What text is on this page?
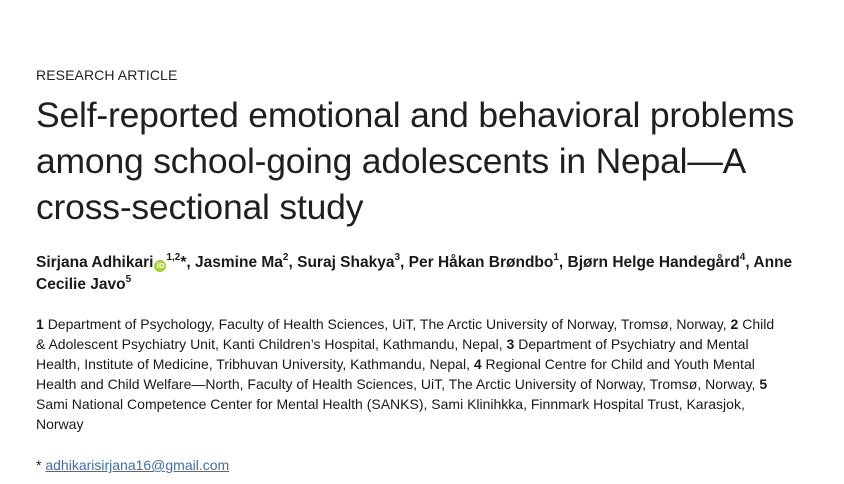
RESEARCH ARTICLE

Self-reported emotional and behavioral problems among school-going adolescents in Nepal—A cross-sectional study

Sirjana Adhikari iD$^{1,2}$*, Jasmine Ma$^2$, Suraj Shakya$^3$, Per Håkan Brøndbo$^1$, Bjørn Helge Handegård$^4$, Anne Cecilie Javo$^5$

1 Department of Psychology, Faculty of Health Sciences, UiT, The Arctic University of Norway, Tromsø, Norway, 2 Child & Adolescent Psychiatry Unit, Kanti Children’s Hospital, Kathmandu, Nepal, 3 Department of Psychiatry and Mental Health, Institute of Medicine, Tribhuvan University, Kathmandu, Nepal, 4 Regional Centre for Child and Youth Mental Health and Child Welfare—North, Faculty of Health Sciences, UiT, The Arctic University of Norway, Tromsø, Norway, 5 Sami National Competence Center for Mental Health (SANKS), Sami Klinihkka, Finnmark Hospital Trust, Karasjok, Norway

* adhikarisirjana16@gmail.com
